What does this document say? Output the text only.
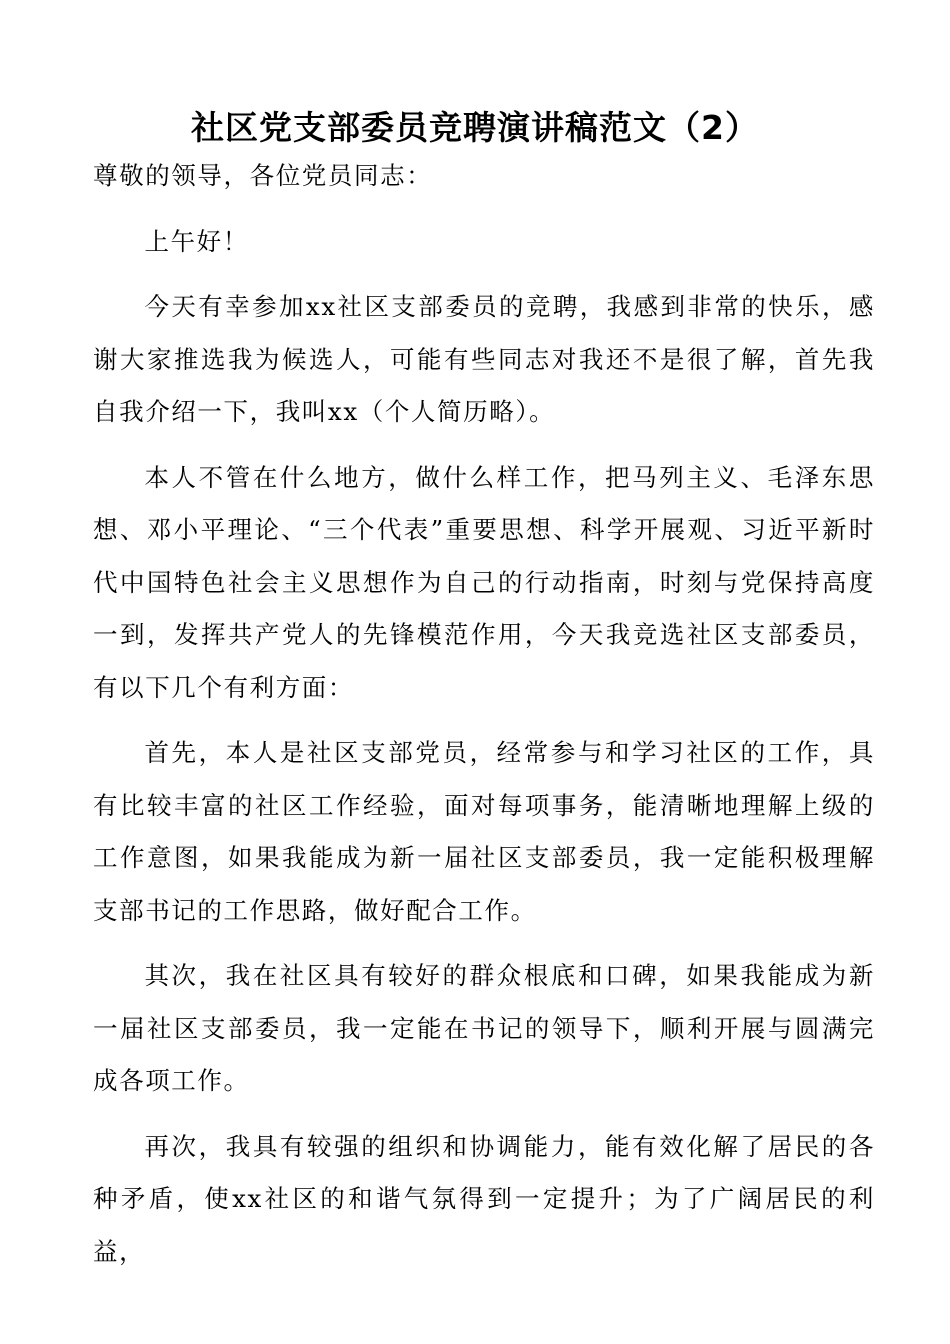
社区党支部委员竞聘演讲稿范文（2）

尊敬的领导，各位党员同志：

上午好！

今天有幸参加xx社区支部委员的竞聘，我感到非常的快乐，感谢大家推选我为候选人，可能有些同志对我还不是很了解，首先我自我介绍一下，我叫xx（个人简历略）。

本人不管在什么地方，做什么样工作，把马列主义、毛泽东思想、邓小平理论、“三个代表”重要思想、科学开展观、习近平新时代中国特色社会主义思想作为自己的行动指南，时刻与党保持高度一到，发挥共产党人的先锋模范作用，今天我竞选社区支部委员，有以下几个有利方面：

首先，本人是社区支部党员，经常参与和学习社区的工作，具有比较丰富的社区工作经验，面对每项事务，能清晰地理解上级的工作意图，如果我能成为新一届社区支部委员，我一定能积极理解支部书记的工作思路，做好配合工作。

其次，我在社区具有较好的群众根底和口碑，如果我能成为新一届社区支部委员，我一定能在书记的领导下，顺利开展与圆满完成各项工作。

再次，我具有较强的组织和协调能力，能有效化解了居民的各种矛盾，使xx社区的和谐气氛得到一定提升；为了广阔居民的利益，
